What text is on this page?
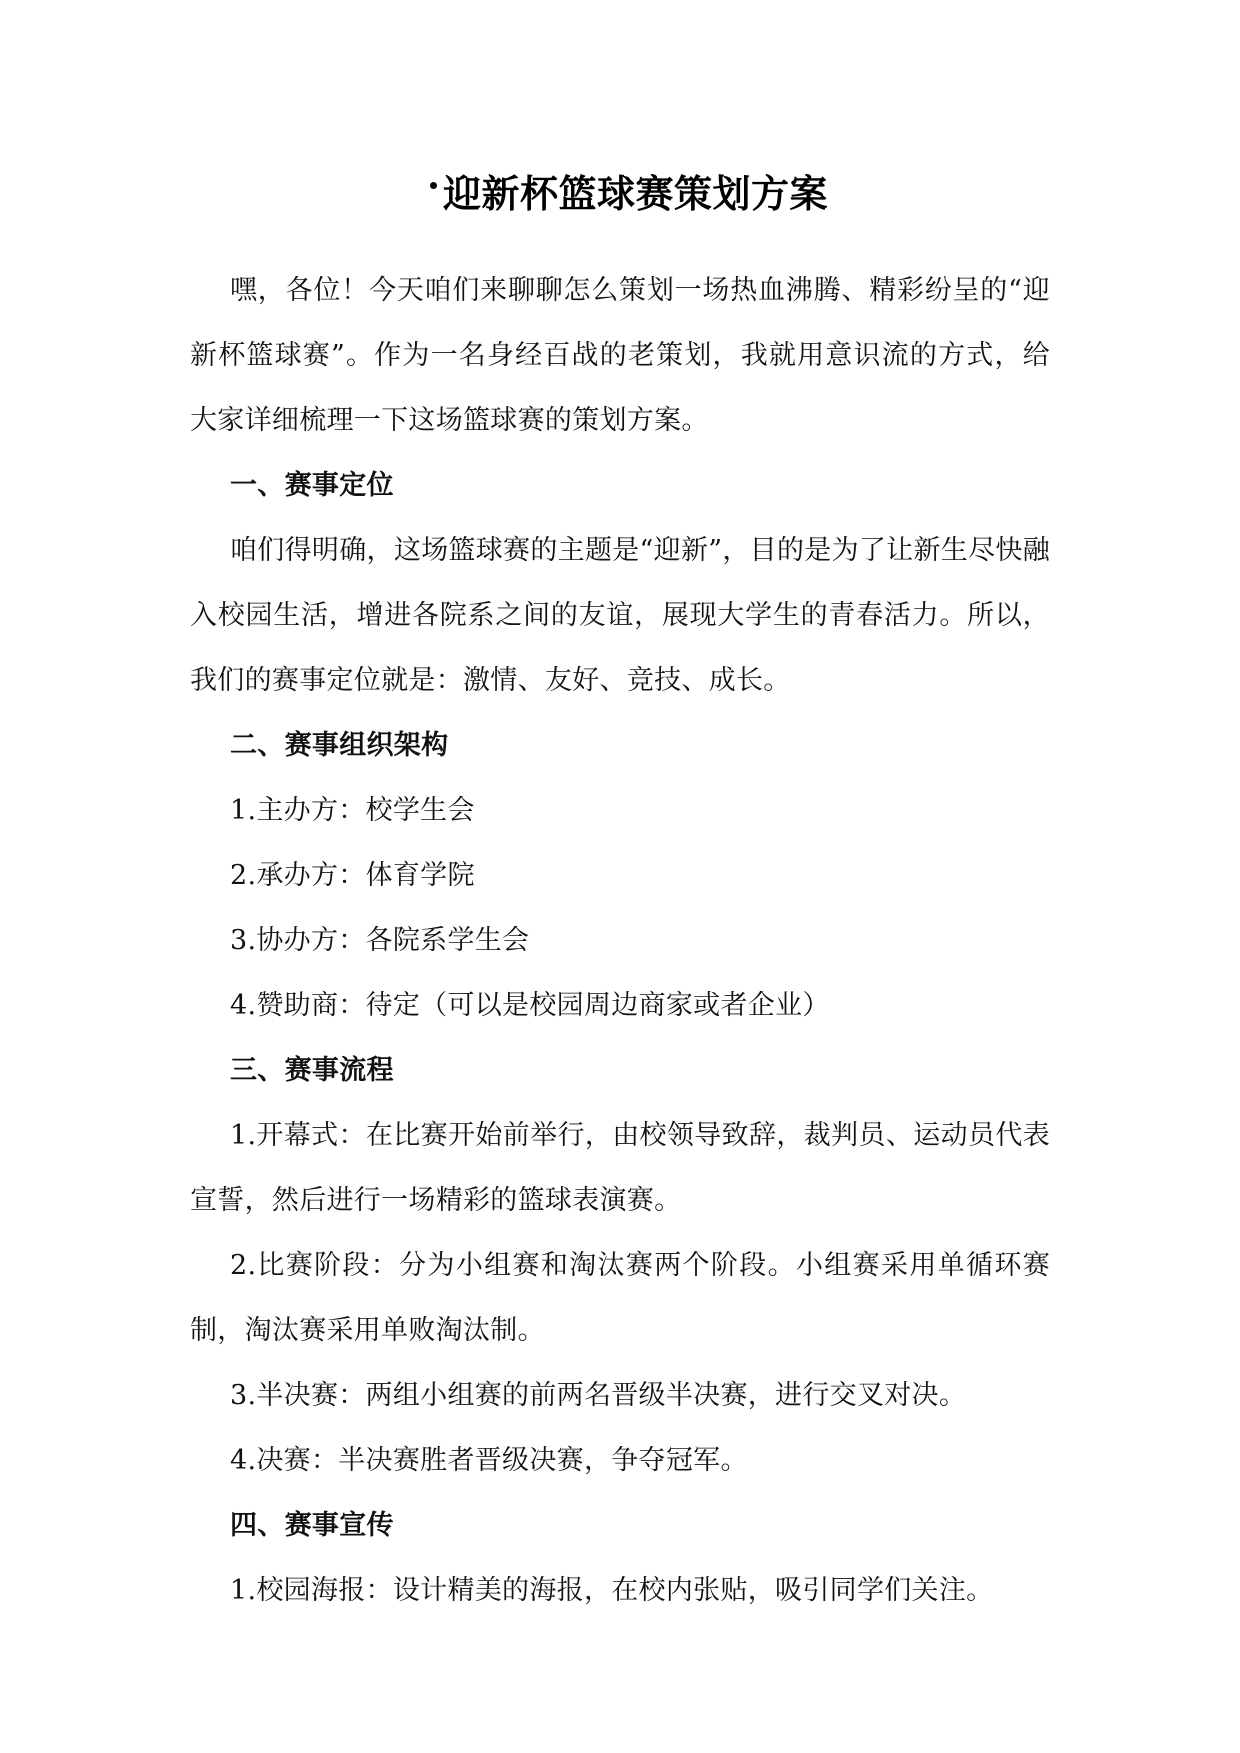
迎新杯篮球赛策划方案

嘿，各位！今天咱们来聊聊怎么策划一场热血沸腾、精彩纷呈的“迎新杯篮球赛”。作为一名身经百战的老策划，我就用意识流的方式，给大家详细梳理一下这场篮球赛的策划方案。

一、赛事定位

咱们得明确，这场篮球赛的主题是“迎新”，目的是为了让新生尽快融入校园生活，增进各院系之间的友谊，展现大学生的青春活力。所以，我们的赛事定位就是：激情、友好、竞技、成长。

二、赛事组织架构

1.主办方：校学生会

2.承办方：体育学院

3.协办方：各院系学生会

4.赞助商：待定（可以是校园周边商家或者企业）

三、赛事流程

1.开幕式：在比赛开始前举行，由校领导致辞，裁判员、运动员代表宣誓，然后进行一场精彩的篮球表演赛。

2.比赛阶段：分为小组赛和淘汰赛两个阶段。小组赛采用单循环赛制，淘汰赛采用单败淘汰制。

3.半决赛：两组小组赛的前两名晋级半决赛，进行交叉对决。

4.决赛：半决赛胜者晋级决赛，争夺冠军。

四、赛事宣传

1.校园海报：设计精美的海报，在校内张贴，吸引同学们关注。
